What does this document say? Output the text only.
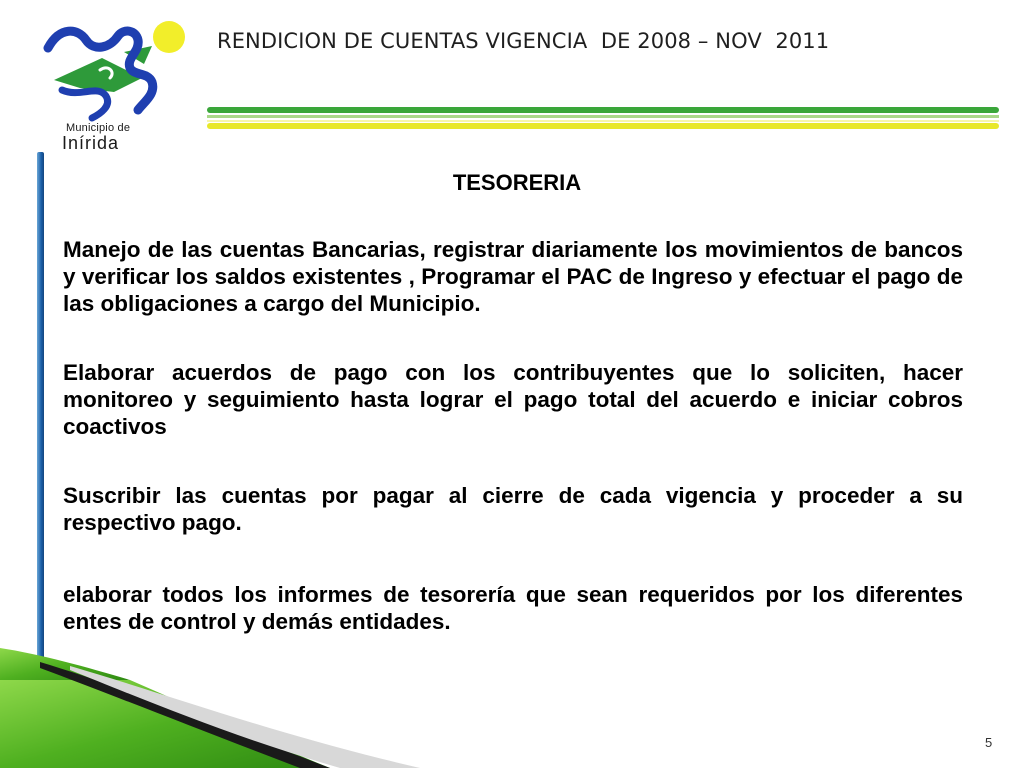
Municipio de
Inírida
RENDICION DE CUENTAS VIGENCIA  DE 2008 – NOV  2011
TESORERIA

Manejo de las cuentas Bancarias, registrar diariamente los movimientos de bancos y verificar los saldos existentes , Programar el PAC de Ingreso y efectuar el pago de las obligaciones a cargo del Municipio.

Elaborar acuerdos de pago con los contribuyentes que lo soliciten, hacer monitoreo y seguimiento hasta lograr el pago total del acuerdo e iniciar cobros coactivos

Suscribir las cuentas por pagar al cierre de cada vigencia y proceder a su respectivo pago.

elaborar todos los informes de tesorería que sean requeridos por los diferentes entes de control y demás entidades.

5
